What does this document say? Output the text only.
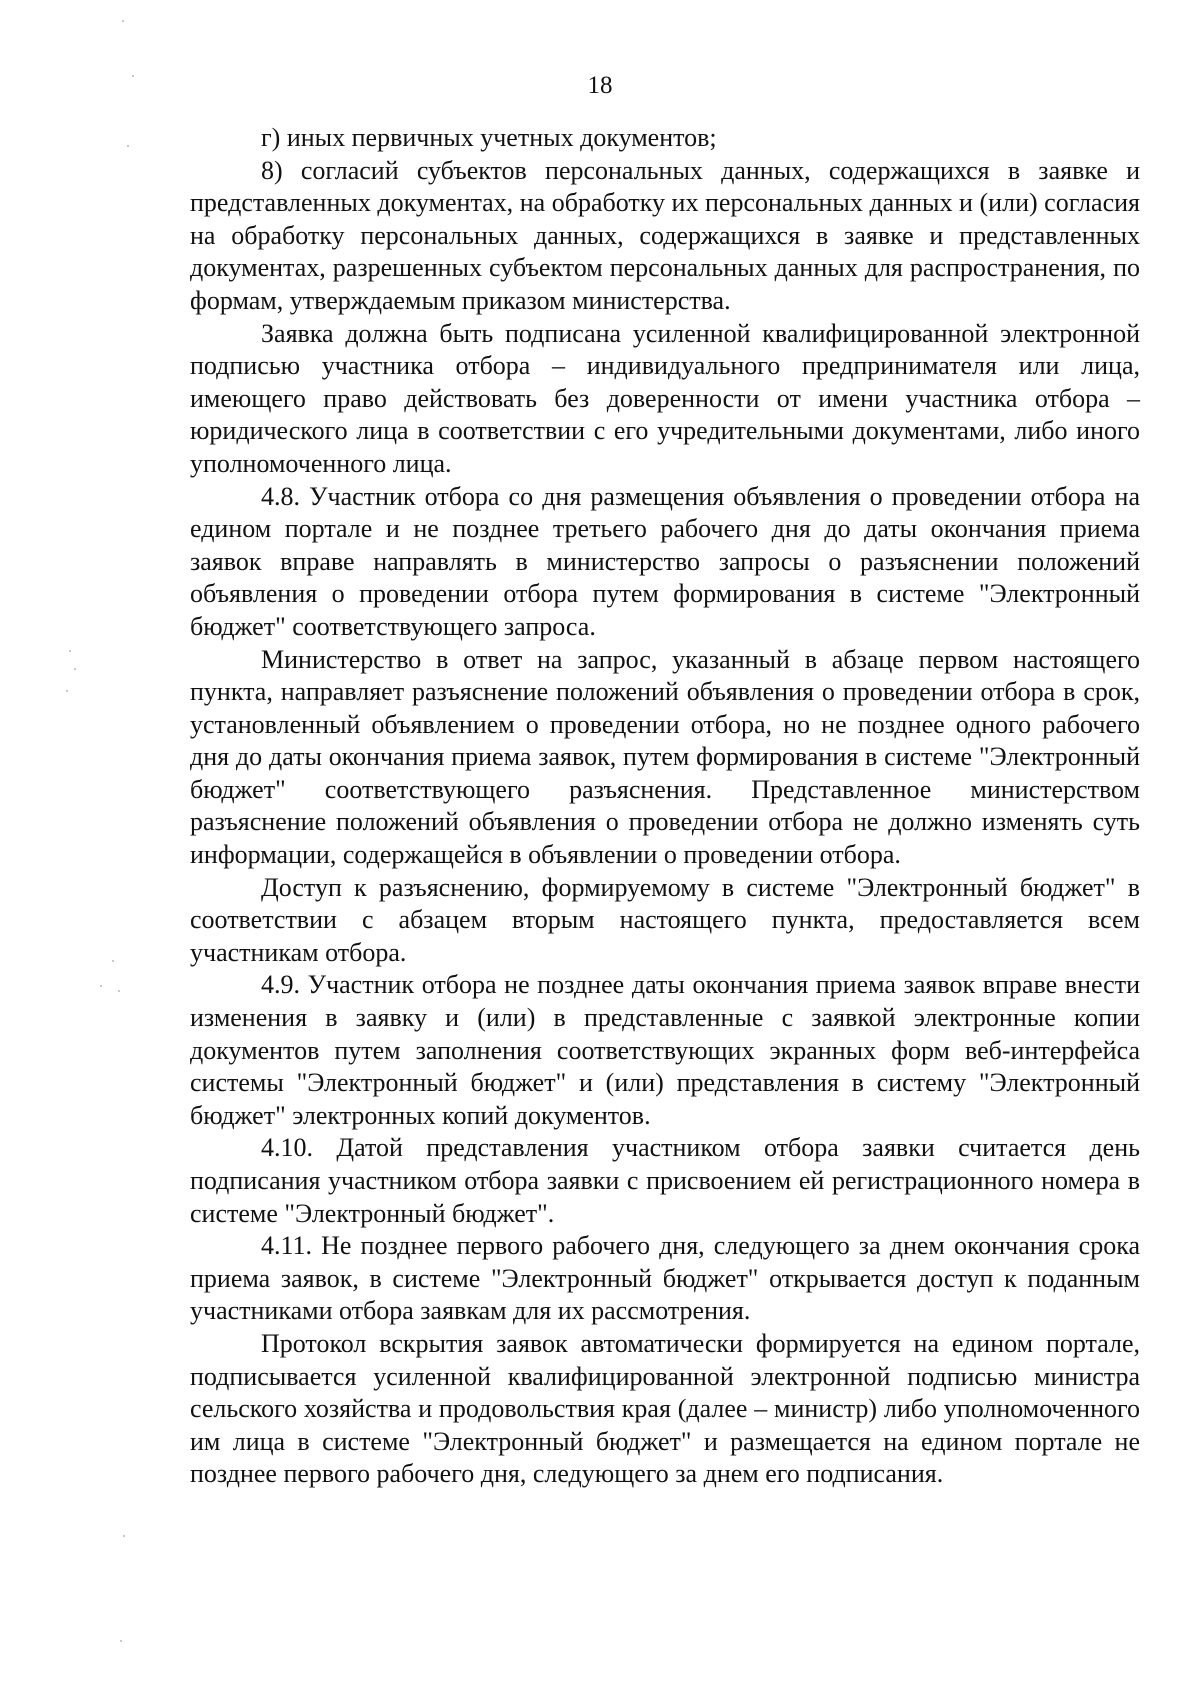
18

г) иных первичных учетных документов;

8) согласий субъектов персональных данных, содержащихся в заявке и представленных документах, на обработку их персональных данных и (или) согласия на обработку персональных данных, содержащихся в заявке и представленных документах, разрешенных субъектом персональных данных для распространения, по формам, утверждаемым приказом министерства.

Заявка должна быть подписана усиленной квалифицированной электронной подписью участника отбора – индивидуального предпринимателя или лица, имеющего право действовать без доверенности от имени участника отбора – юридического лица в соответствии с его учредительными документами, либо иного уполномоченного лица.

4.8. Участник отбора со дня размещения объявления о проведении отбора на едином портале и не позднее третьего рабочего дня до даты окончания приема заявок вправе направлять в министерство запросы о разъяснении положений объявления о проведении отбора путем формирования в системе "Электронный бюджет" соответствующего запроса.

Министерство в ответ на запрос, указанный в абзаце первом настоящего пункта, направляет разъяснение положений объявления о проведении отбора в срок, установленный объявлением о проведении отбора, но не позднее одного рабочего дня до даты окончания приема заявок, путем формирования в системе "Электронный бюджет" соответствующего разъяснения. Представленное министерством разъяснение положений объявления о проведении отбора не должно изменять суть информации, содержащейся в объявлении о проведении отбора.

Доступ к разъяснению, формируемому в системе "Электронный бюджет" в соответствии с абзацем вторым настоящего пункта, предоставляется всем участникам отбора.

4.9. Участник отбора не позднее даты окончания приема заявок вправе внести изменения в заявку и (или) в представленные с заявкой электронные копии документов путем заполнения соответствующих экранных форм веб-интерфейса системы "Электронный бюджет" и (или) представления в систему "Электронный бюджет" электронных копий документов.

4.10. Датой представления участником отбора заявки считается день подписания участником отбора заявки с присвоением ей регистрационного номера в системе "Электронный бюджет".

4.11. Не позднее первого рабочего дня, следующего за днем окончания срока приема заявок, в системе "Электронный бюджет" открывается доступ к поданным участниками отбора заявкам для их рассмотрения.

Протокол вскрытия заявок автоматически формируется на едином портале, подписывается усиленной квалифицированной электронной подписью министра сельского хозяйства и продовольствия края (далее – министр) либо уполномоченного им лица в системе "Электронный бюджет" и размещается на едином портале не позднее первого рабочего дня, следующего за днем его подписания.
